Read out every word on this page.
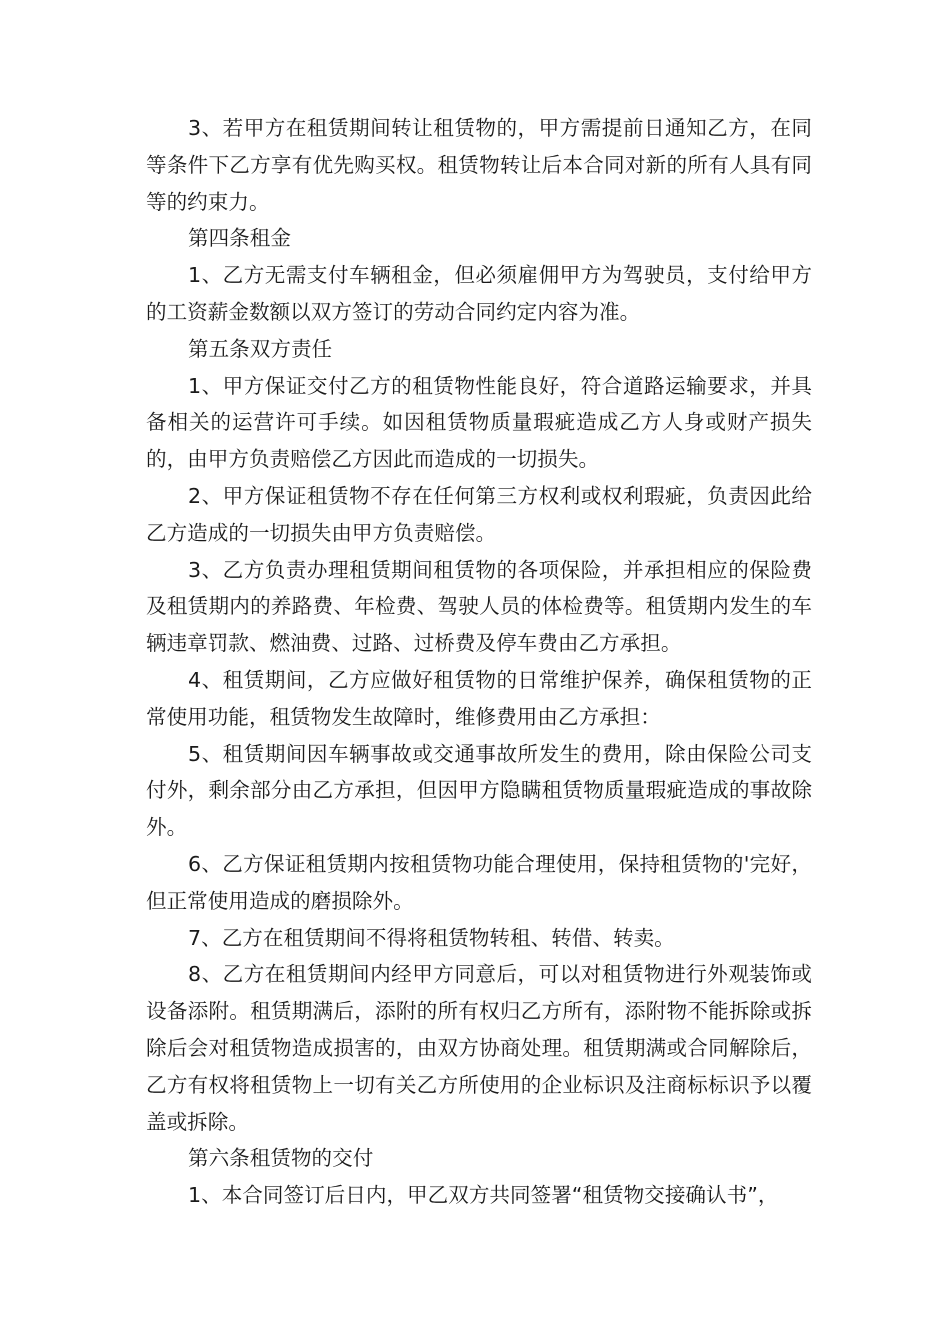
3、若甲方在租赁期间转让租赁物的，甲方需提前日通知乙方，在同等条件下乙方享有优先购买权。租赁物转让后本合同对新的所有人具有同等的约束力。

第四条租金

1、乙方无需支付车辆租金，但必须雇佣甲方为驾驶员，支付给甲方的工资薪金数额以双方签订的劳动合同约定内容为准。

第五条双方责任

1、甲方保证交付乙方的租赁物性能良好，符合道路运输要求，并具备相关的运营许可手续。如因租赁物质量瑕疵造成乙方人身或财产损失的，由甲方负责赔偿乙方因此而造成的一切损失。

2、甲方保证租赁物不存在任何第三方权利或权利瑕疵，负责因此给乙方造成的一切损失由甲方负责赔偿。

3、乙方负责办理租赁期间租赁物的各项保险，并承担相应的保险费及租赁期内的养路费、年检费、驾驶人员的体检费等。租赁期内发生的车辆违章罚款、燃油费、过路、过桥费及停车费由乙方承担。

4、租赁期间，乙方应做好租赁物的日常维护保养，确保租赁物的正常使用功能，租赁物发生故障时，维修费用由乙方承担：

5、租赁期间因车辆事故或交通事故所发生的费用，除由保险公司支付外，剩余部分由乙方承担，但因甲方隐瞒租赁物质量瑕疵造成的事故除外。

6、乙方保证租赁期内按租赁物功能合理使用，保持租赁物的'完好，但正常使用造成的磨损除外。

7、乙方在租赁期间不得将租赁物转租、转借、转卖。

8、乙方在租赁期间内经甲方同意后，可以对租赁物进行外观装饰或设备添附。租赁期满后，添附的所有权归乙方所有，添附物不能拆除或拆除后会对租赁物造成损害的，由双方协商处理。租赁期满或合同解除后，乙方有权将租赁物上一切有关乙方所使用的企业标识及注商标标识予以覆盖或拆除。

第六条租赁物的交付

1、本合同签订后日内，甲乙双方共同签署“租赁物交接确认书”，
